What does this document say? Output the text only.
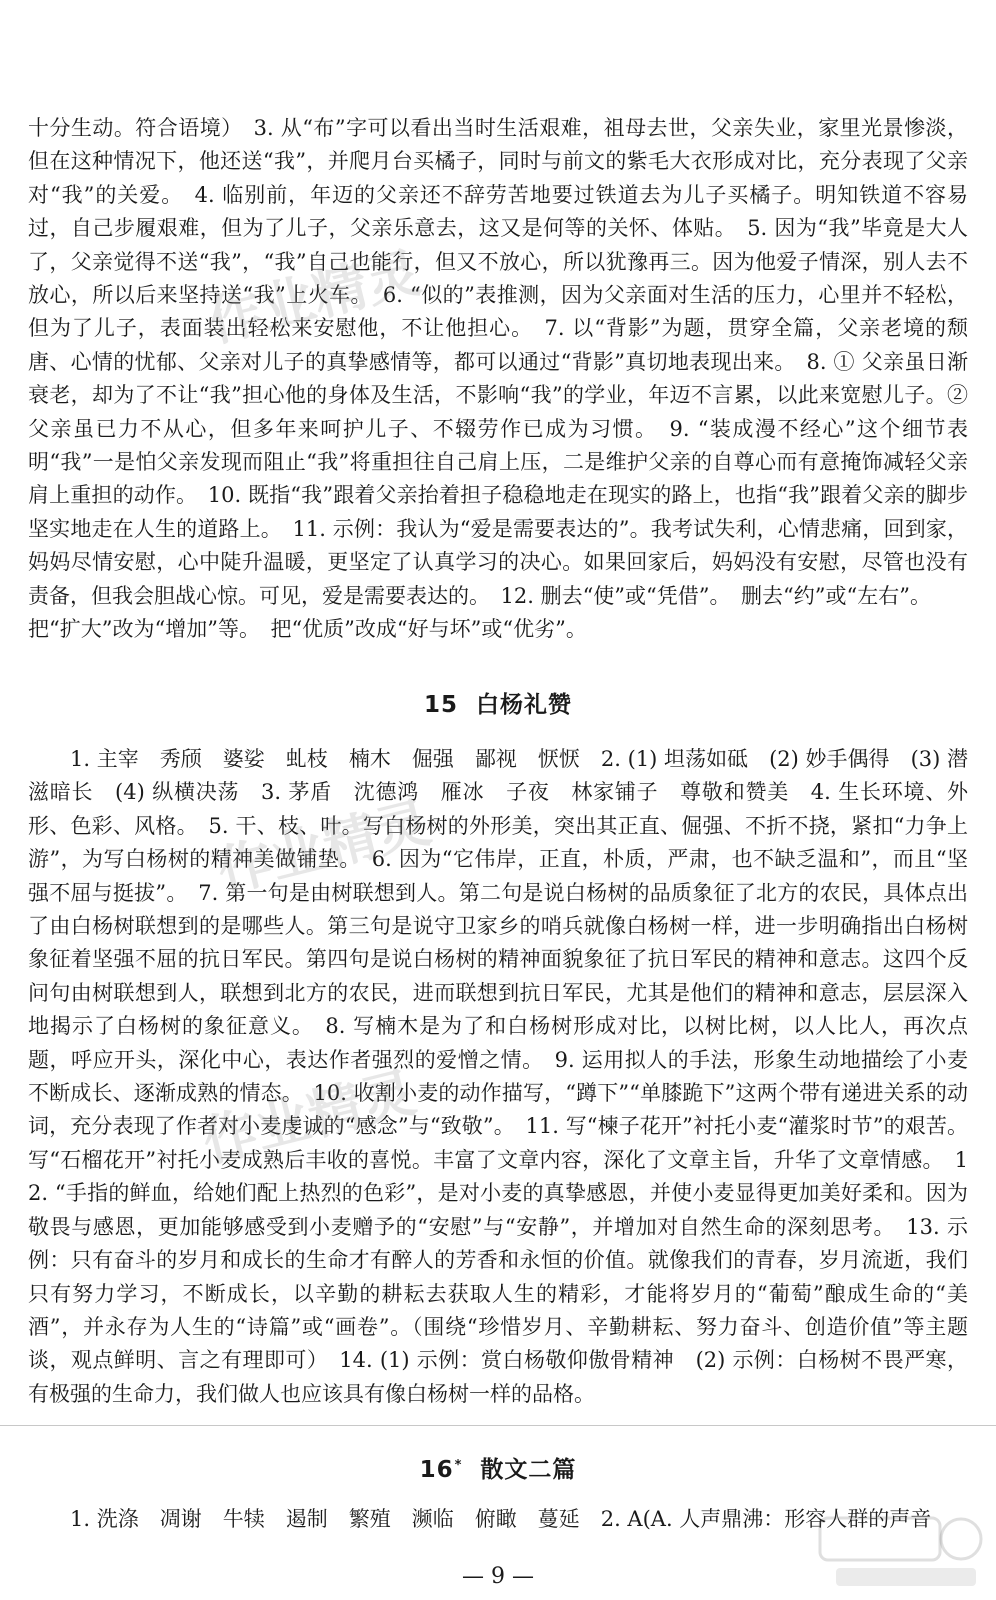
十分生动。符合语境）　3. 从“布”字可以看出当时生活艰难，祖母去世，父亲失业，家里光景惨淡，但在这种情况下，他还送“我”，并爬月台买橘子，同时与前文的紫毛大衣形成对比，充分表现了父亲对“我”的关爱。　4. 临别前，年迈的父亲还不辞劳苦地要过铁道去为儿子买橘子。明知铁道不容易过，自己步履艰难，但为了儿子，父亲乐意去，这又是何等的关怀、体贴。　5. 因为“我”毕竟是大人了，父亲觉得不送“我”，“我”自己也能行，但又不放心，所以犹豫再三。因为他爱子情深，别人去不放心，所以后来坚持送“我”上火车。　6. “似的”表推测，因为父亲面对生活的压力，心里并不轻松，但为了儿子，表面装出轻松来安慰他，不让他担心。　7. 以“背影”为题，贯穿全篇，父亲老境的颓唐、心情的忧郁、父亲对儿子的真挚感情等，都可以通过“背影”真切地表现出来。　8. ① 父亲虽日渐衰老，却为了不让“我”担心他的身体及生活，不影响“我”的学业，年迈不言累，以此来宽慰儿子。② 父亲虽已力不从心，但多年来呵护儿子、不辍劳作已成为习惯。　9. “装成漫不经心”这个细节表明“我”一是怕父亲发现而阻止“我”将重担往自己肩上压，二是维护父亲的自尊心而有意掩饰减轻父亲肩上重担的动作。　10. 既指“我”跟着父亲抬着担子稳稳地走在现实的路上，也指“我”跟着父亲的脚步坚实地走在人生的道路上。　11. 示例：我认为“爱是需要表达的”。我考试失利，心情悲痛，回到家，妈妈尽情安慰，心中陡升温暖，更坚定了认真学习的决心。如果回家后，妈妈没有安慰，尽管也没有责备，但我会胆战心惊。可见，爱是需要表达的。　12. 删去“使”或“凭借”。　删去“约”或“左右”。

把“扩大”改为“增加”等。　把“优质”改成“好与坏”或“优劣”。

15 白杨礼赞

1. 主宰　秀颀　婆娑　虬枝　楠木　倔强　鄙视　恹恹　2. (1) 坦荡如砥　(2) 妙手偶得　(3) 潜滋暗长　(4) 纵横决荡　3. 茅盾　沈德鸿　雁冰　子夜　林家铺子　尊敬和赞美　4. 生长环境、外形、色彩、风格。　5. 干、枝、叶。写白杨树的外形美，突出其正直、倔强、不折不挠，紧扣“力争上游”，为写白杨树的精神美做铺垫。　6. 因为“它伟岸，正直，朴质，严肃，也不缺乏温和”，而且“坚强不屈与挺拔”。　7. 第一句是由树联想到人。第二句是说白杨树的品质象征了北方的农民，具体点出了由白杨树联想到的是哪些人。第三句是说守卫家乡的哨兵就像白杨树一样，进一步明确指出白杨树象征着坚强不屈的抗日军民。第四句是说白杨树的精神面貌象征了抗日军民的精神和意志。这四个反问句由树联想到人，联想到北方的农民，进而联想到抗日军民，尤其是他们的精神和意志，层层深入地揭示了白杨树的象征意义。　8. 写楠木是为了和白杨树形成对比，以树比树，以人比人，再次点题，呼应开头，深化中心，表达作者强烈的爱憎之情。　9. 运用拟人的手法，形象生动地描绘了小麦不断成长、逐渐成熟的情态。　10. 收割小麦的动作描写，“蹲下”“单膝跪下”这两个带有递进关系的动词，充分表现了作者对小麦虔诚的“感念”与“致敬”。　11. 写“楝子花开”衬托小麦“灌浆时节”的艰苦。写“石榴花开”衬托小麦成熟后丰收的喜悦。丰富了文章内容，深化了文章主旨，升华了文章情感。　12. “手指的鲜血，给她们配上热烈的色彩”，是对小麦的真挚感恩，并使小麦显得更加美好柔和。因为敬畏与感恩，更加能够感受到小麦赠予的“安慰”与“安静”，并增加对自然生命的深刻思考。　13. 示例：只有奋斗的岁月和成长的生命才有醉人的芳香和永恒的价值。就像我们的青春，岁月流逝，我们只有努力学习，不断成长，以辛勤的耕耘去获取人生的精彩，才能将岁月的“葡萄”酿成生命的“美酒”，并永存为人生的“诗篇”或“画卷”。（围绕“珍惜岁月、辛勤耕耘、努力奋斗、创造价值”等主题谈，观点鲜明、言之有理即可）　14. (1) 示例：赏白杨敬仰傲骨精神　(2) 示例：白杨树不畏严寒，有极强的生命力，我们做人也应该具有像白杨树一样的品格。

16* 散文二篇

1. 洗涤　凋谢　牛犊　遏制　繁殖　濒临　俯瞰　蔓延　2. A(A. 人声鼎沸：形容人群的声音

— 9 —
作业精灵
作业精灵
作业精灵
